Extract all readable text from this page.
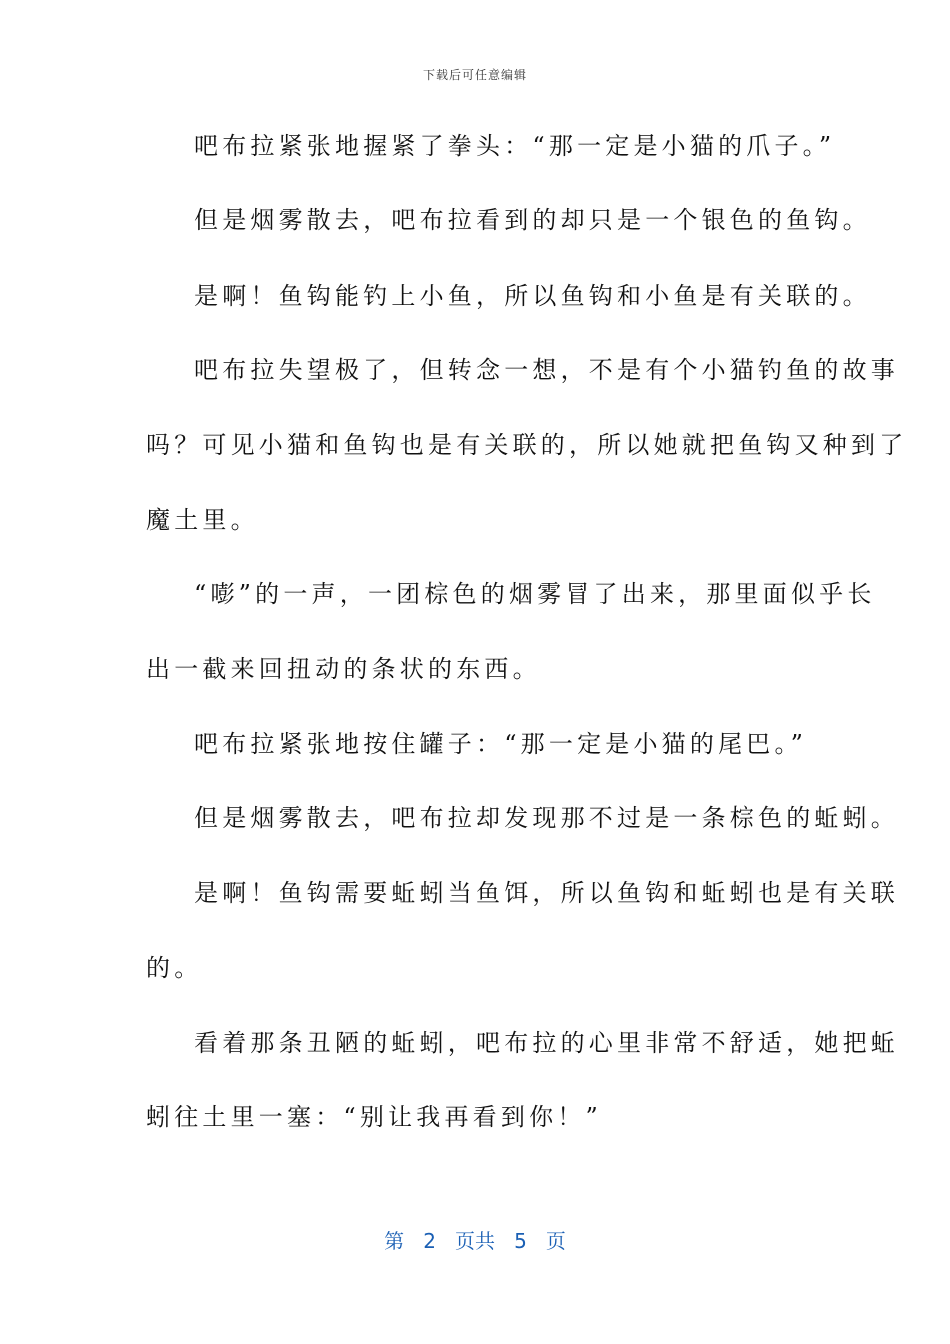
下载后可任意编辑
吧布拉紧张地握紧了拳头：“那一定是小猫的爪子。”
但是烟雾散去，吧布拉看到的却只是一个银色的鱼钩。
是啊！鱼钩能钓上小鱼，所以鱼钩和小鱼是有关联的。
吧布拉失望极了，但转念一想，不是有个小猫钓鱼的故事
吗？可见小猫和鱼钩也是有关联的，所以她就把鱼钩又种到了
魔土里。
“嘭”的一声，一团棕色的烟雾冒了出来，那里面似乎长
出一截来回扭动的条状的东西。
吧布拉紧张地按住罐子：“那一定是小猫的尾巴。”
但是烟雾散去，吧布拉却发现那不过是一条棕色的蚯蚓。
是啊！鱼钩需要蚯蚓当鱼饵，所以鱼钩和蚯蚓也是有关联
的。
看着那条丑陋的蚯蚓，吧布拉的心里非常不舒适，她把蚯
蚓往土里一塞：“别让我再看到你！”
第 2 页共 5 页
